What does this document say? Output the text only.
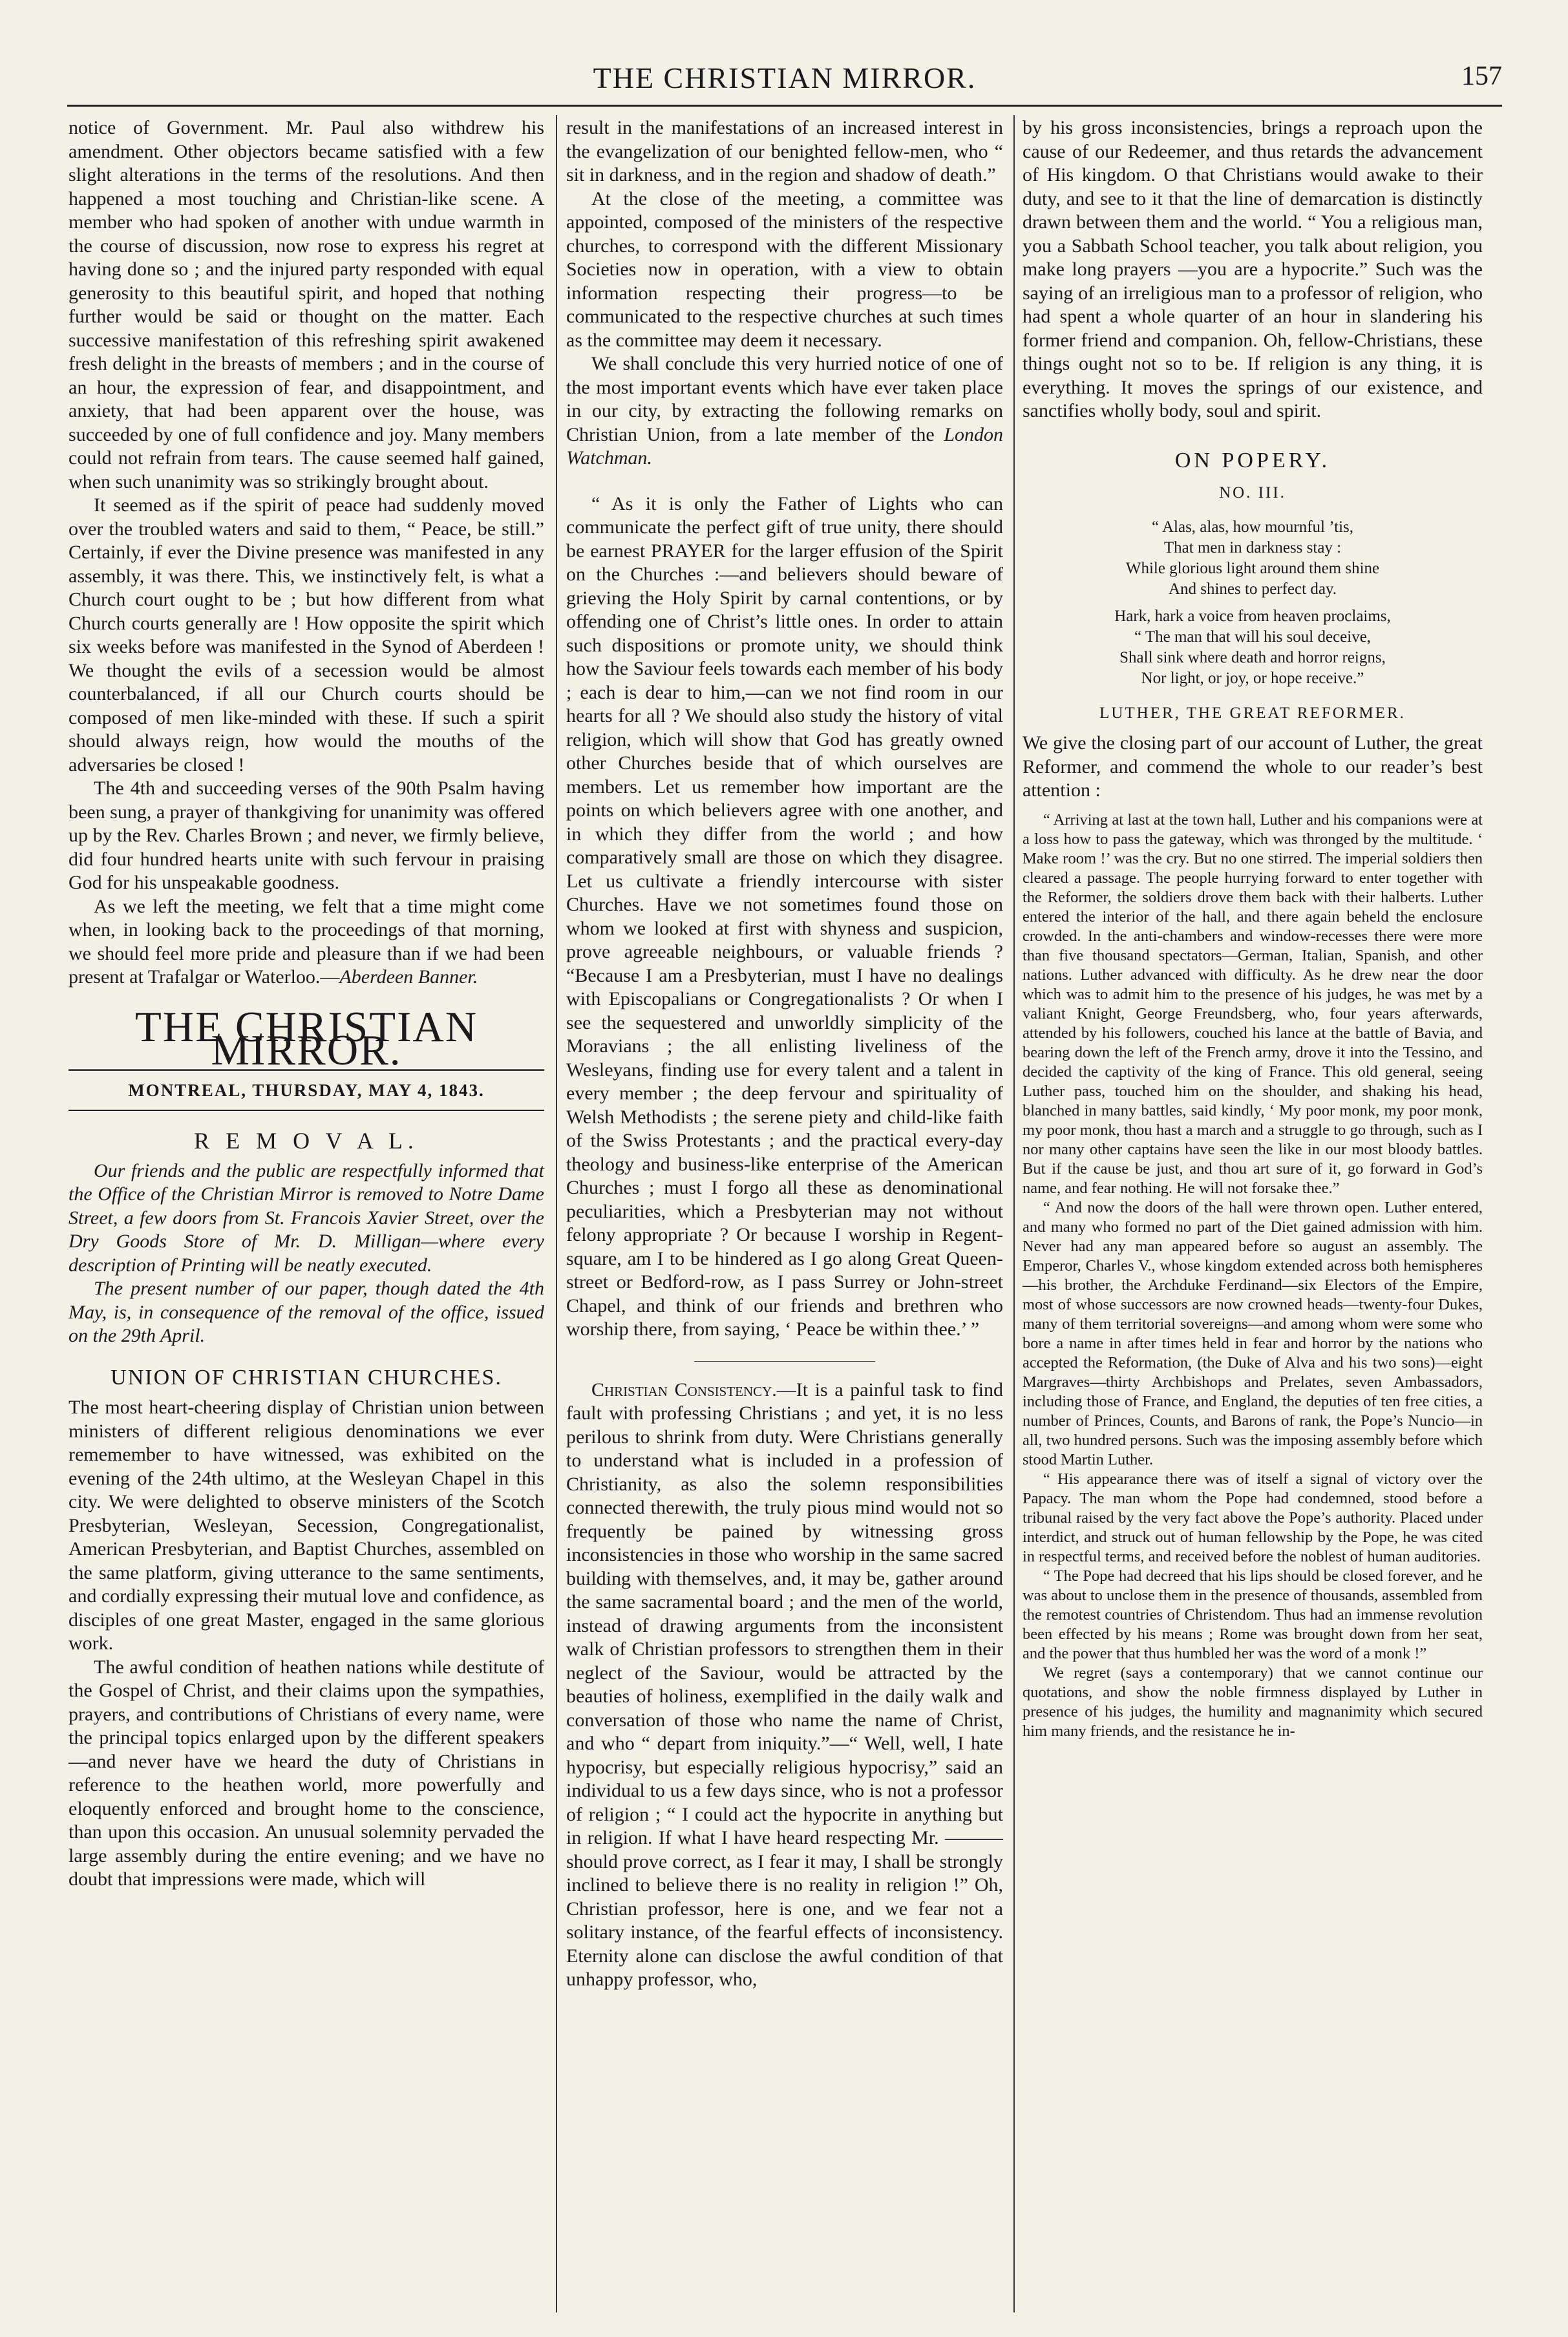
THE CHRISTIAN MIRROR.	157

notice of Government. Mr. Paul also withdrew his amendment. Other objectors became satisfied with a few slight alterations in the terms of the resolutions. And then happened a most touching and Christian-like scene. A member who had spoken of another with undue warmth in the course of discussion, now rose to express his regret at having done so ; and the injured party responded with equal generosity to this beautiful spirit, and hoped that nothing further would be said or thought on the matter. Each successive manifestation of this refreshing spirit awakened fresh delight in the breasts of members ; and in the course of an hour, the expression of fear, and disappointment, and anxiety, that had been apparent over the house, was succeeded by one of full confidence and joy. Many members could not refrain from tears. The cause seemed half gained, when such unanimity was so strikingly brought about.

It seemed as if the spirit of peace had suddenly moved over the troubled waters and said to them, “ Peace, be still.” Certainly, if ever the Divine presence was manifested in any assembly, it was there. This, we instinctively felt, is what a Church court ought to be ; but how different from what Church courts generally are ! How opposite the spirit which six weeks before was manifested in the Synod of Aberdeen ! We thought the evils of a secession would be almost counterbalanced, if all our Church courts should be composed of men like-minded with these. If such a spirit should always reign, how would the mouths of the adversaries be closed !

The 4th and succeeding verses of the 90th Psalm having been sung, a prayer of thankgiving for unanimity was offered up by the Rev. Charles Brown ; and never, we firmly believe, did four hundred hearts unite with such fervour in praising God for his unspeakable goodness.

As we left the meeting, we felt that a time might come when, in looking back to the proceedings of that morning, we should feel more pride and pleasure than if we had been present at Trafalgar or Waterloo.—Aberdeen Banner.

THE CHRISTIAN MIRROR.
MONTREAL, THURSDAY, MAY 4, 1843.
R E M O V A L.

Our friends and the public are respectfully informed that the Office of the Christian Mirror is removed to Notre Dame Street, a few doors from St. Francois Xavier Street, over the Dry Goods Store of Mr. D. Milligan—where every description of Printing will be neatly executed.

The present number of our paper, though dated the 4th May, is, in consequence of the removal of the office, issued on the 29th April.

UNION OF CHRISTIAN CHURCHES.

The most heart-cheering display of Christian union between ministers of different religious denominations we ever rememember to have witnessed, was exhibited on the evening of the 24th ultimo, at the Wesleyan Chapel in this city. We were delighted to observe ministers of the Scotch Presbyterian, Wesleyan, Secession, Congregationalist, American Presbyterian, and Baptist Churches, assembled on the same platform, giving utterance to the same sentiments, and cordially expressing their mutual love and confidence, as disciples of one great Master, engaged in the same glorious work.

The awful condition of heathen nations while destitute of the Gospel of Christ, and their claims upon the sympathies, prayers, and contributions of Christians of every name, were the principal topics enlarged upon by the different speakers—and never have we heard the duty of Christians in reference to the heathen world, more powerfully and eloquently enforced and brought home to the conscience, than upon this occasion. An unusual solemnity pervaded the large assembly during the entire evening; and we have no doubt that impressions were made, which will

result in the manifestations of an increased interest in the evangelization of our benighted fellow-men, who “ sit in darkness, and in the region and shadow of death.”

At the close of the meeting, a committee was appointed, composed of the ministers of the respective churches, to correspond with the different Missionary Societies now in operation, with a view to obtain information respecting their progress—to be communicated to the respective churches at such times as the committee may deem it necessary.

We shall conclude this very hurried notice of one of the most important events which have ever taken place in our city, by extracting the following remarks on Christian Union, from a late member of the London Watchman.

“ As it is only the Father of Lights who can communicate the perfect gift of true unity, there should be earnest PRAYER for the larger effusion of the Spirit on the Churches :—and believers should beware of grieving the Holy Spirit by carnal contentions, or by offending one of Christ’s little ones. In order to attain such dispositions or promote unity, we should think how the Saviour feels towards each member of his body ; each is dear to him,—can we not find room in our hearts for all ? We should also study the history of vital religion, which will show that God has greatly owned other Churches beside that of which ourselves are members. Let us remember how important are the points on which believers agree with one another, and in which they differ from the world ; and how comparatively small are those on which they disagree. Let us cultivate a friendly intercourse with sister Churches. Have we not sometimes found those on whom we looked at first with shyness and suspicion, prove agreeable neighbours, or valuable friends ? “Because I am a Presbyterian, must I have no dealings with Episcopalians or Congregationalists ? Or when I see the sequestered and unworldly simplicity of the Moravians ; the all enlisting liveliness of the Wesleyans, finding use for every talent and a talent in every member ; the deep fervour and spirituality of Welsh Methodists ; the serene piety and child-like faith of the Swiss Protestants ; and the practical every-day theology and business-like enterprise of the American Churches ; must I forgo all these as denominational peculiarities, which a Presbyterian may not without felony appropriate ? Or because I worship in Regent-square, am I to be hindered as I go along Great Queen-street or Bedford-row, as I pass Surrey or John-street Chapel, and think of our friends and brethren who worship there, from saying, ‘ Peace be within thee.’ ”

Christian Consistency.—It is a painful task to find fault with professing Christians ; and yet, it is no less perilous to shrink from duty. Were Christians generally to understand what is included in a profession of Christianity, as also the solemn responsibilities connected therewith, the truly pious mind would not so frequently be pained by witnessing gross inconsistencies in those who worship in the same sacred building with themselves, and, it may be, gather around the same sacramental board ; and the men of the world, instead of drawing arguments from the inconsistent walk of Christian professors to strengthen them in their neglect of the Saviour, would be attracted by the beauties of holiness, exemplified in the daily walk and conversation of those who name the name of Christ, and who “ depart from iniquity.”—“ Well, well, I hate hypocrisy, but especially religious hypocrisy,” said an individual to us a few days since, who is not a professor of religion ; “ I could act the hypocrite in anything but in religion. If what I have heard respecting Mr. ——— should prove correct, as I fear it may, I shall be strongly inclined to believe there is no reality in religion !” Oh, Christian professor, here is one, and we fear not a solitary instance, of the fearful effects of inconsistency. Eternity alone can disclose the awful condition of that unhappy professor, who,

by his gross inconsistencies, brings a reproach upon the cause of our Redeemer, and thus retards the advancement of His kingdom. O that Christians would awake to their duty, and see to it that the line of demarcation is distinctly drawn between them and the world. “ You a religious man, you a Sabbath School teacher, you talk about religion, you make long prayers —you are a hypocrite.” Such was the saying of an irreligious man to a professor of religion, who had spent a whole quarter of an hour in slandering his former friend and companion. Oh, fellow-Christians, these things ought not so to be. If religion is any thing, it is everything. It moves the springs of our existence, and sanctifies wholly body, soul and spirit.

ON POPERY.
NO. III.
“ Alas, alas, how mournful ’tis,
That men in darkness stay :
While glorious light around them shine
And shines to perfect day.
Hark, hark a voice from heaven proclaims,
“ The man that will his soul deceive,
Shall sink where death and horror reigns,
Nor light, or joy, or hope receive.”
LUTHER, THE GREAT REFORMER.

We give the closing part of our account of Luther, the great Reformer, and commend the whole to our reader’s best attention :

“ Arriving at last at the town hall, Luther and his companions were at a loss how to pass the gateway, which was thronged by the multitude. ‘ Make room !’ was the cry. But no one stirred. The imperial soldiers then cleared a passage. The people hurrying forward to enter together with the Reformer, the soldiers drove them back with their halberts. Luther entered the interior of the hall, and there again beheld the enclosure crowded. In the anti-chambers and window-recesses there were more than five thousand spectators—German, Italian, Spanish, and other nations. Luther advanced with difficulty. As he drew near the door which was to admit him to the presence of his judges, he was met by a valiant Knight, George Freundsberg, who, four years afterwards, attended by his followers, couched his lance at the battle of Bavia, and bearing down the left of the French army, drove it into the Tessino, and decided the captivity of the king of France. This old general, seeing Luther pass, touched him on the shoulder, and shaking his head, blanched in many battles, said kindly, ‘ My poor monk, my poor monk, my poor monk, thou hast a march and a struggle to go through, such as I nor many other captains have seen the like in our most bloody battles. But if the cause be just, and thou art sure of it, go forward in God’s name, and fear nothing. He will not forsake thee.”

“ And now the doors of the hall were thrown open. Luther entered, and many who formed no part of the Diet gained admission with him. Never had any man appeared before so august an assembly. The Emperor, Charles V., whose kingdom extended across both hemispheres—his brother, the Archduke Ferdinand—six Electors of the Empire, most of whose successors are now crowned heads—twenty-four Dukes, many of them territorial sovereigns—and among whom were some who bore a name in after times held in fear and horror by the nations who accepted the Reformation, (the Duke of Alva and his two sons)—eight Margraves—thirty Archbishops and Prelates, seven Ambassadors, including those of France, and England, the deputies of ten free cities, a number of Princes, Counts, and Barons of rank, the Pope’s Nuncio—in all, two hundred persons. Such was the imposing assembly before which stood Martin Luther.

“ His appearance there was of itself a signal of victory over the Papacy. The man whom the Pope had condemned, stood before a tribunal raised by the very fact above the Pope’s authority. Placed under interdict, and struck out of human fellowship by the Pope, he was cited in respectful terms, and received before the noblest of human auditories.

“ The Pope had decreed that his lips should be closed forever, and he was about to unclose them in the presence of thousands, assembled from the remotest countries of Christendom. Thus had an immense revolution been effected by his means ; Rome was brought down from her seat, and the power that thus humbled her was the word of a monk !”

We regret (says a contemporary) that we cannot continue our quotations, and show the noble firmness displayed by Luther in presence of his judges, the humility and magnanimity which secured him many friends, and the resistance he in-
